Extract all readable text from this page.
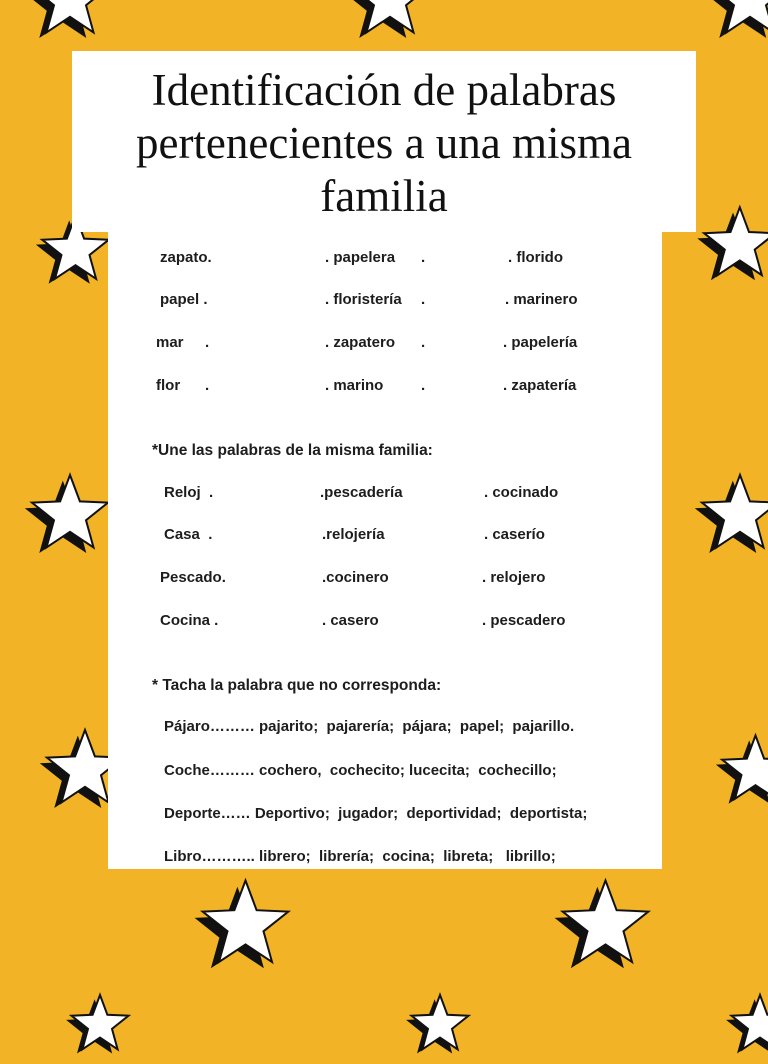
Identificación de palabras
pertenecientes a una misma
familia
zapato.	. papelera .	. florido
papel .	. floristería .	. marinero
mar .	. zapatero .	. papelería
flor .	. marino	.	. zapatería
*Une las palabras de la misma familia:
Reloj  .	.pescadería	. cocinado
Casa  .	.relojería	. caserío
Pescado.	.cocinero	. relojero
Cocina .	. casero	. pescadero
* Tacha la palabra que no corresponda:
Pájaro……… pajarito;  pajarería;  pájara;  papel;  pajarillo.
Coche……… cochero,  cochecito; lucecita;  cochecillo;
Deporte…… Deportivo;  jugador;  deportividad;  deportista;
Libro……….. librero;  librería;  cocina;  libreta;   librillo;
